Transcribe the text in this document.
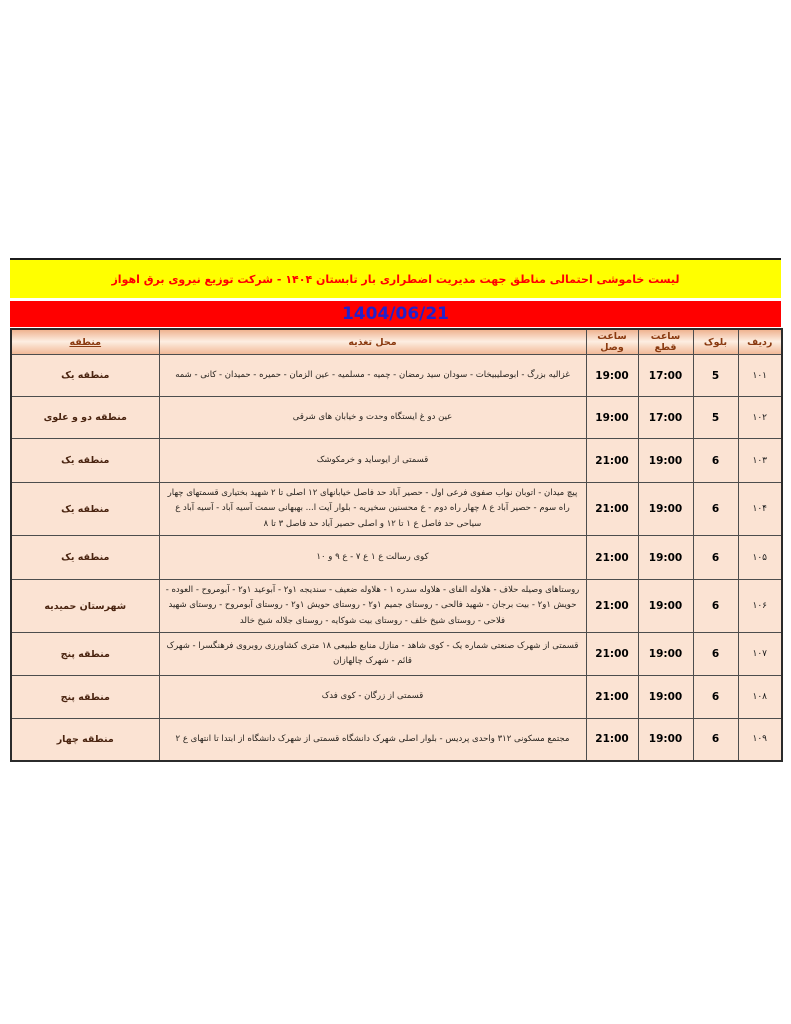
لیست خاموشی احتمالی مناطق جهت مدیریت اضطراری بار تابستان ۱۴۰۴ - شرکت توزیع نیروی برق اهواز
1404/06/21
ردیف	بلوک	ساعت قطع	ساعت وصل	محل تغذیه	منطقه
۱۰۱	5	17:00	19:00	غزالیه بزرگ - ابوصلیبیخات - سودان سید رمضان - چمیه - مسلمیه - عین الزمان - حمیره - حمیدان - کانی - شمه	منطقه یک
۱۰۲	5	17:00	19:00	عین دو غ ایستگاه وحدت و خیابان های شرقی	منطقه دو و علوی
۱۰۳	6	19:00	21:00	قسمتی از ایوساید و خرمکوشک	منطقه یک
۱۰۴	6	19:00	21:00	پیچ میدان - اتوبان نواب صفوی فرعی اول - حصیر آباد حد فاصل خیابانهای ۱۲ اصلی تا ۲ شهید بختیاری قسمتهای چهار راه سوم - حصیر آباد ع ۸ چهار راه دوم - ع محسنین سخیریه - بلوار آیت ا... بهبهانی سمت آسیه آباد - آسیه آباد ع سیاحی حد فاصل ع ۱ تا ۱۲ و اصلی حصیر آباد حد فاصل ۳ تا ۸	منطقه یک
۱۰۵	6	19:00	21:00	کوی رسالت ع ۱ ع ۷ - ع ۹ و ۱۰	منطقه یک
۱۰۶	6	19:00	21:00	روستاهای وصیله حلاف - هلاوله الفای - هلاوله سدره ۱ - هلاوله ضعیف - سندیجه ۱و۲ - آبوعید ۱و۲ - آبومروح - العوده - حویش ۱و۲ - بیت برجان - شهید فالحی - روستای جمیم ۱و۲ - روستای حویش ۱و۲ - روستای آبومروح - روستای شهید فلاحی - روستای شیخ خلف - روستای بیت شوکایه - روستای جلاله شیخ خالد	شهرستان حمیدیه
۱۰۷	6	19:00	21:00	قسمتی از شهرک صنعتی شماره یک - کوی شاهد - منازل منابع طبیعی ۱۸ متری کشاورزی روبروی فرهنگسرا - شهرک قائم - شهرک چالهازان	منطقه پنج
۱۰۸	6	19:00	21:00	قسمتی از زرگان - کوی فدک	منطقه پنج
۱۰۹	6	19:00	21:00	مجتمع مسکونی ۳۱۲ واحدی پردیس - بلوار اصلی شهرک دانشگاه قسمتی از شهرک دانشگاه از ابتدا تا انتهای ع ۲	منطقه چهار
